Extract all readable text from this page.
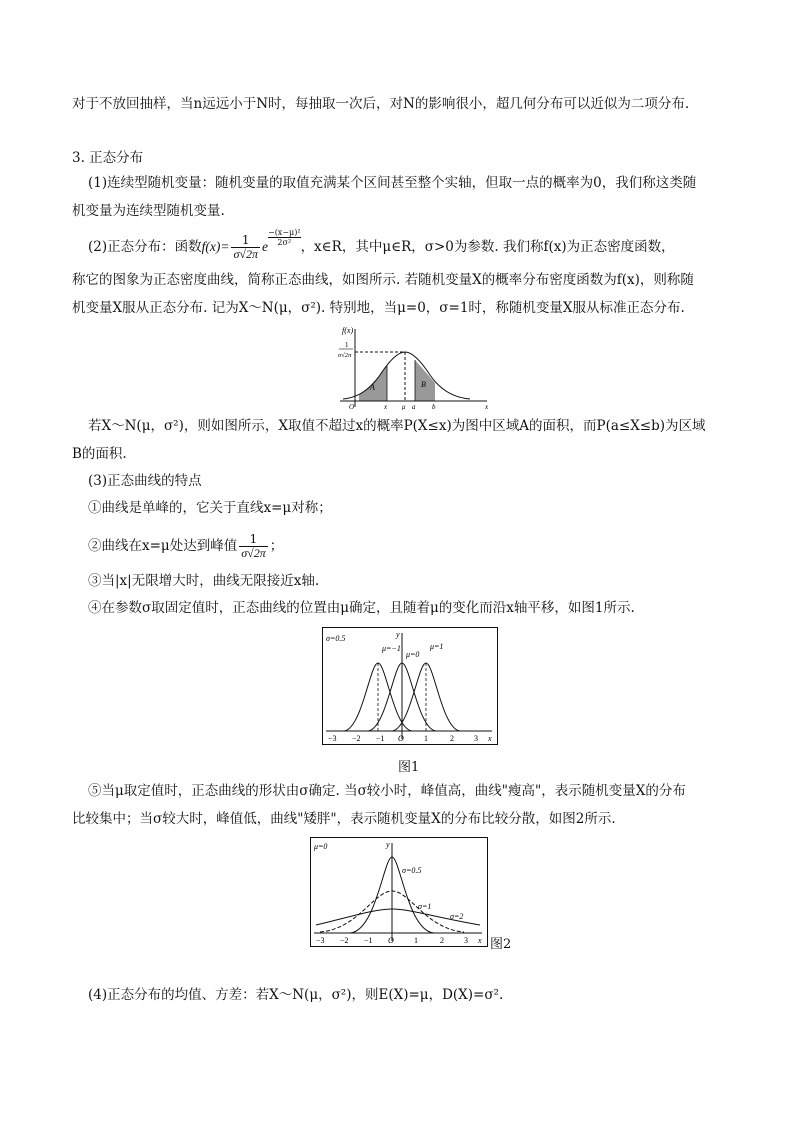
对于不放回抽样，当n远远小于N时，每抽取一次后，对N的影响很小，超几何分布可以近似为二项分布.
3. 正态分布
(1)连续型随机变量：随机变量的取值充满某个区间甚至整个实轴，但取一点的概率为0，我们称这类随
机变量为连续型随机变量.
(2)正态分布：函数$f(x)= \frac{1}{\sigma√2\pi}$ e $\frac{\text{−(x−μ)²}}{\text{2σ²}}$，x∈R，其中μ∈R，σ>0为参数. 我们称f(x)为正态密度函数，
称它的图象为正态密度曲线，简称正态曲线，如图所示. 若随机变量X的概率分布密度函数为f(x)，则称随
机变量X服从正态分布. 记为X～N(μ，σ²). 特别地，当μ=0，σ=1时，称随机变量X服从标准正态分布.
f(x)
1
σ√2π
A	B
O	x μ a b	x
若X～N(μ，σ²)，则如图所示，X取值不超过x的概率P(X≤x)为图中区域A的面积，而P(a≤X≤b)为区域
B的面积.
(3)正态曲线的特点
①曲线是单峰的，它关于直线x=μ对称；
②曲线在x=μ处达到峰值 $\frac{1}{\sigma√2\pi}$ ；
③当|x|无限增大时，曲线无限接近x轴.
④在参数σ取固定值时，正态曲线的位置由μ确定，且随着μ的变化而沿x轴平移，如图1所示.
σ=0.5
μ=−1
μ=0
μ=1
y
−3 −2 −1 O	1	2	3 x
图1
⑤当μ取定值时，正态曲线的形状由σ确定. 当σ较小时，峰值高，曲线"瘦高"，表示随机变量X的分布
比较集中；当σ较大时，峰值低，曲线"矮胖"，表示随机变量X的分布比较分散，如图2所示.
μ=0
σ=0.5
σ=1
σ=2
y
−3 −2 −1 O	1	2	3 x 图2
(4)正态分布的均值、方差：若X～N(μ，σ²)，则E(X)=μ，D(X)=σ².
